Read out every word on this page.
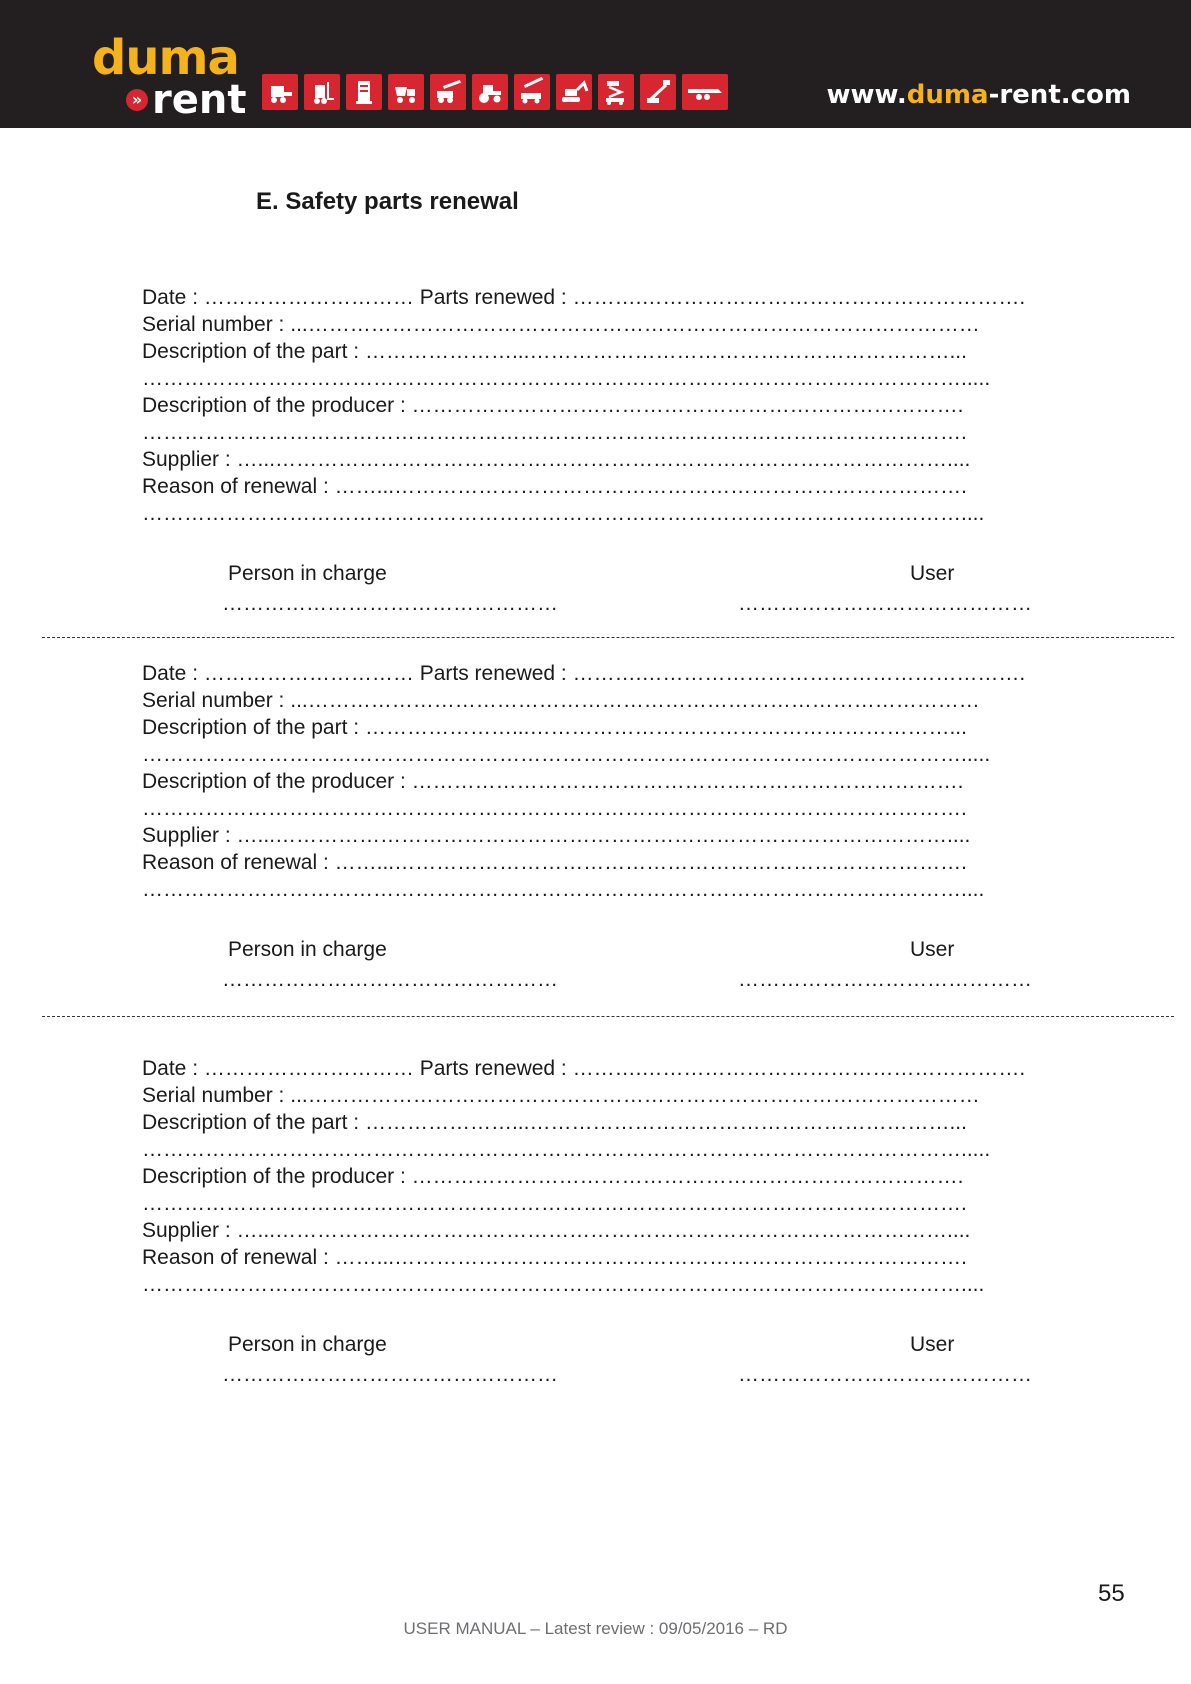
duma
» rent	www.duma-rent.com
E. Safety parts renewal
Date : ………………………… Parts renewed : ……….……………………………………………….
Serial number : ...……………………………………………………………………………………
Description of the part : …………………...……………………………………………………...
……………………………………………………………………………………………………….....
Description of the producer : …………………………………………………………………….
……………………………………………………………………………………………………….
Supplier : …...……………………………………………………………………………………....
Reason of renewal : ……...……………………………………………………………………….
………………………………………………………………………………………………………....
Person in charge	User
…………………………………………	……………………………………
Date : ………………………… Parts renewed : ……….……………………………………………….
Serial number : ...……………………………………………………………………………………
Description of the part : …………………...……………………………………………………...
……………………………………………………………………………………………………….....
Description of the producer : …………………………………………………………………….
……………………………………………………………………………………………………….
Supplier : …...……………………………………………………………………………………....
Reason of renewal : ……...……………………………………………………………………….
………………………………………………………………………………………………………....
Person in charge	User
…………………………………………	……………………………………
Date : ………………………… Parts renewed : ……….……………………………………………….
Serial number : ...……………………………………………………………………………………
Description of the part : …………………...……………………………………………………...
……………………………………………………………………………………………………….....
Description of the producer : …………………………………………………………………….
……………………………………………………………………………………………………….
Supplier : …...……………………………………………………………………………………....
Reason of renewal : ……...……………………………………………………………………….
………………………………………………………………………………………………………....
Person in charge	User
…………………………………………	……………………………………
55
USER MANUAL – Latest review : 09/05/2016 – RD
